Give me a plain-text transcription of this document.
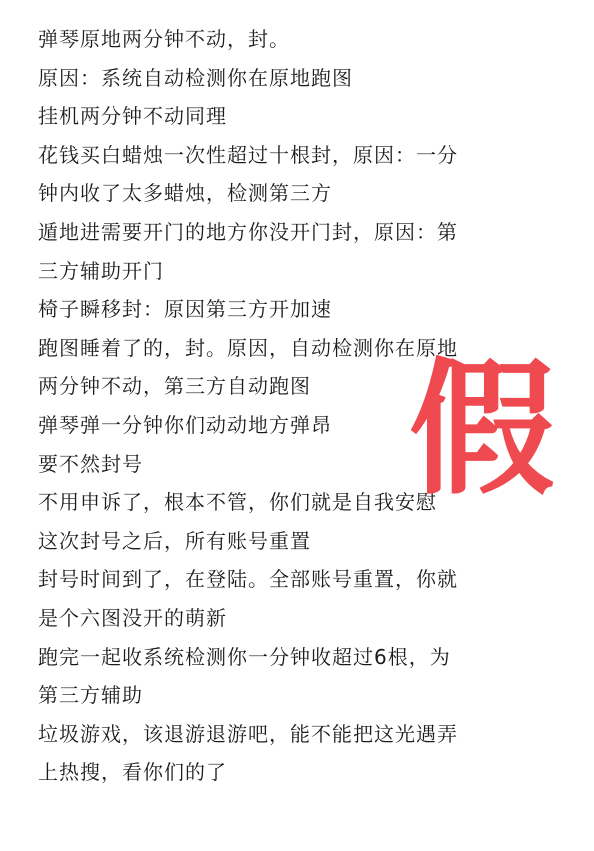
弹琴原地两分钟不动，封。
原因：系统自动检测你在原地跑图
挂机两分钟不动同理
花钱买白蜡烛一次性超过十根封，原因：一分
钟内收了太多蜡烛，检测第三方
遁地进需要开门的地方你没开门封，原因：第
三方辅助开门
椅子瞬移封：原因第三方开加速
跑图睡着了的，封。原因，自动检测你在原地
两分钟不动，第三方自动跑图
弹琴弹一分钟你们动动地方弹昂
要不然封号
不用申诉了，根本不管，你们就是自我安慰
这次封号之后，所有账号重置
封号时间到了，在登陆。全部账号重置，你就
是个六图没开的萌新
跑完一起收系统检测你一分钟收超过6根，为
第三方辅助
垃圾游戏，该退游退游吧，能不能把这光遇弄
上热搜，看你们的了
假
